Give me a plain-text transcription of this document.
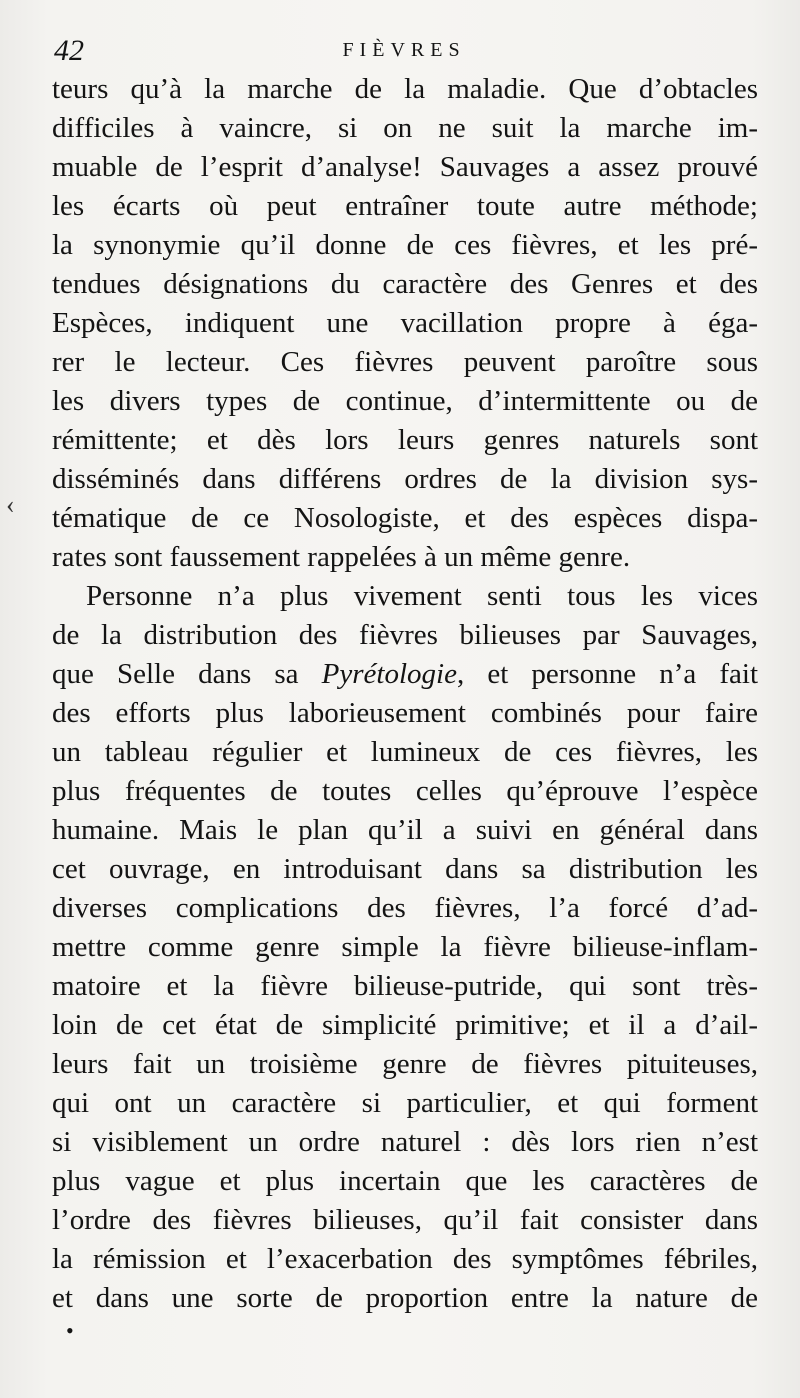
42	FIÈVRES
‹
teurs qu’à la marche de la maladie. Que d’obtacles
difficiles à vaincre, si on ne suit la marche im-
muable de l’esprit d’analyse! Sauvages a assez prouvé
les écarts où peut entraîner toute autre méthode;
la synonymie qu’il donne de ces fièvres, et les pré-
tendues désignations du caractère des Genres et des
Espèces, indiquent une vacillation propre à éga-
rer le lecteur. Ces fièvres peuvent paroître sous
les divers types de continue, d’intermittente ou de
rémittente; et dès lors leurs genres naturels sont
disséminés dans différens ordres de la division sys-
tématique de ce Nosologiste, et des espèces dispa-
rates sont faussement rappelées à un même genre.
Personne n’a plus vivement senti tous les vices
de la distribution des fièvres bilieuses par Sauvages,
que Selle dans sa Pyrétologie, et personne n’a fait
des efforts plus laborieusement combinés pour faire
un tableau régulier et lumineux de ces fièvres, les
plus fréquentes de toutes celles qu’éprouve l’espèce
humaine. Mais le plan qu’il a suivi en général dans
cet ouvrage, en introduisant dans sa distribution les
diverses complications des fièvres, l’a forcé d’ad-
mettre comme genre simple la fièvre bilieuse-inflam-
matoire et la fièvre bilieuse-putride, qui sont très-
loin de cet état de simplicité primitive; et il a d’ail-
leurs fait un troisième genre de fièvres pituiteuses,
qui ont un caractère si particulier, et qui forment
si visiblement un ordre naturel : dès lors rien n’est
plus vague et plus incertain que les caractères de
l’ordre des fièvres bilieuses, qu’il fait consister dans
la rémission et l’exacerbation des symptômes fébriles,
et dans une sorte de proportion entre la nature de
•
